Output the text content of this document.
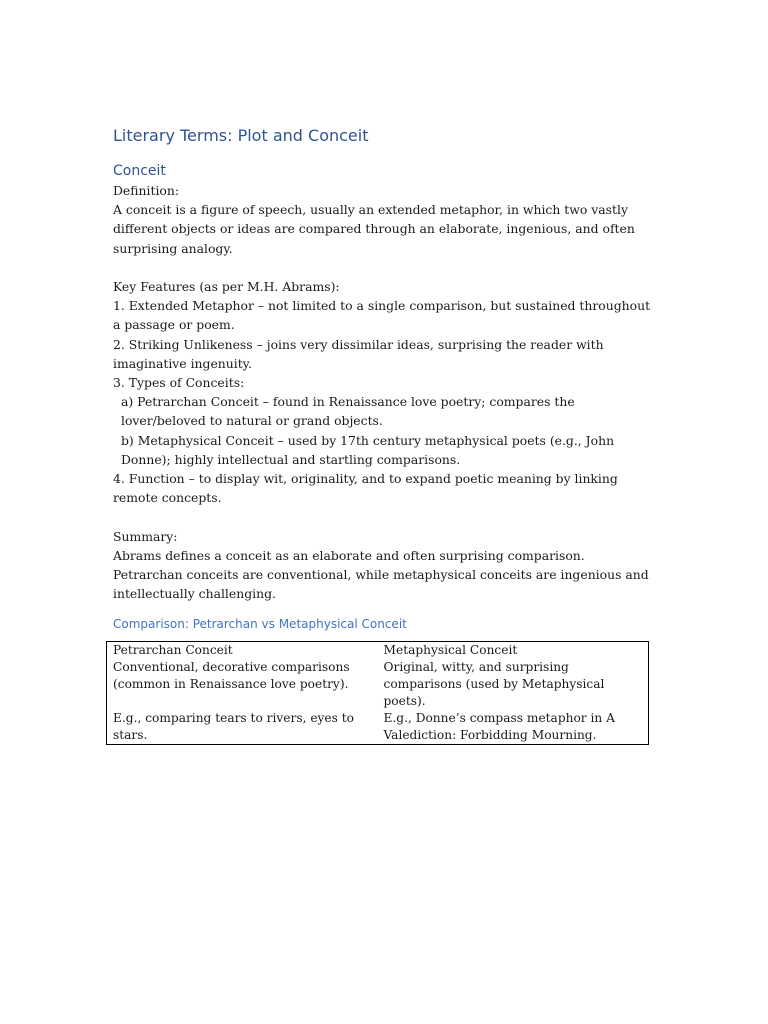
Literary Terms: Plot and Conceit
Conceit

Definition:

A conceit is a figure of speech, usually an extended metaphor, in which two vastly different objects or ideas are compared through an elaborate, ingenious, and often surprising analogy.

Key Features (as per M.H. Abrams):

1. Extended Metaphor – not limited to a single comparison, but sustained throughout a passage or poem.

2. Striking Unlikeness – joins very dissimilar ideas, surprising the reader with imaginative ingenuity.

3. Types of Conceits:

a) Petrarchan Conceit – found in Renaissance love poetry; compares the lover/beloved to natural or grand objects.

b) Metaphysical Conceit – used by 17th century metaphysical poets (e.g., John Donne); highly intellectual and startling comparisons.

4. Function – to display wit, originality, and to expand poetic meaning by linking remote concepts.

Summary:

Abrams defines a conceit as an elaborate and often surprising comparison. Petrarchan conceits are conventional, while metaphysical conceits are ingenious and intellectually challenging.

Comparison: Petrarchan vs Metaphysical Conceit
Petrarchan Conceit	Metaphysical Conceit
Conventional, decorative comparisons (common in Renaissance love poetry).	Original, witty, and surprising comparisons (used by Metaphysical poets).
E.g., comparing tears to rivers, eyes to stars.	E.g., Donne’s compass metaphor in A Valediction: Forbidding Mourning.
